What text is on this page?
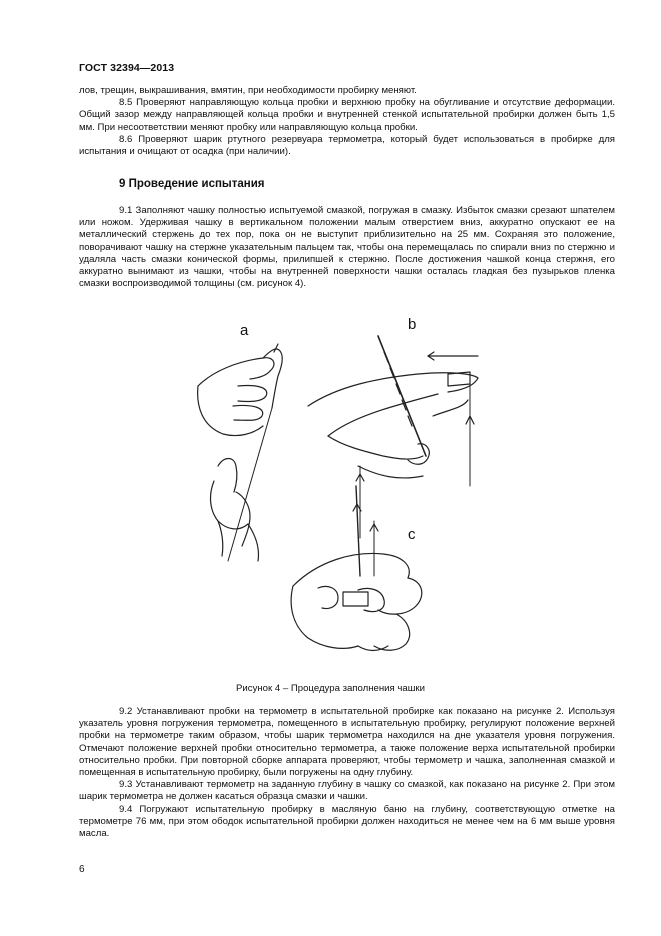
ГОСТ 32394—2013

лов, трещин, выкрашивания, вмятин, при необходимости пробирку меняют.

8.5 Проверяют направляющую кольца пробки и верхнюю пробку на обугливание и отсутствие деформации. Общий зазор между направляющей кольца пробки и внутренней стенкой испытательной пробирки должен быть 1,5 мм. При несоответствии меняют пробку или направляющую кольца пробки.

8.6 Проверяют шарик ртутного резервуара термометра, который будет использоваться в пробирке для испытания и очищают от осадка (при наличии).

9 Проведение испытания

9.1 Заполняют чашку полностью испытуемой смазкой, погружая в смазку. Избыток смазки срезают шпателем или ножом. Удерживая чашку в вертикальном положении малым отверстием вниз, аккуратно опускают ее на металлический стержень до тех пор, пока он не выступит приблизительно на 25 мм. Сохраняя это положение, поворачивают чашку на стержне указательным пальцем так, чтобы она перемещалась по спирали вниз по стержню и удаляла часть смазки конической формы, прилипшей к стержню. После достижения чашкой конца стержня, его аккуратно вынимают из чашки, чтобы на внутренней поверхности чашки осталась гладкая без пузырьков пленка смазки воспроизводимой толщины (см. рисунок 4).

a	b
c
Рисунок 4 – Процедура заполнения чашки

9.2 Устанавливают пробки на термометр в испытательной пробирке как показано на рисунке 2. Используя указатель уровня погружения термометра, помещенного в испытательную пробирку, регулируют положение верхней пробки на термометре таким образом, чтобы шарик термометра находился на дне указателя уровня погружения. Отмечают положение верхней пробки относительно термометра, а также положение верха испытательной пробирки относительно пробки. При повторной сборке аппарата проверяют, чтобы термометр и чашка, заполненная смазкой и помещенная в испытательную пробирку, были погружены на одну глубину.

9.3 Устанавливают термометр на заданную глубину в чашку со смазкой, как показано на рисунке 2. При этом шарик термометра не должен касаться образца смазки и чашки.

9.4 Погружают испытательную пробирку в масляную баню на глубину, соответствующую отметке на термометре 76 мм, при этом ободок испытательной пробирки должен находиться не менее чем на 6 мм выше уровня масла.

6
